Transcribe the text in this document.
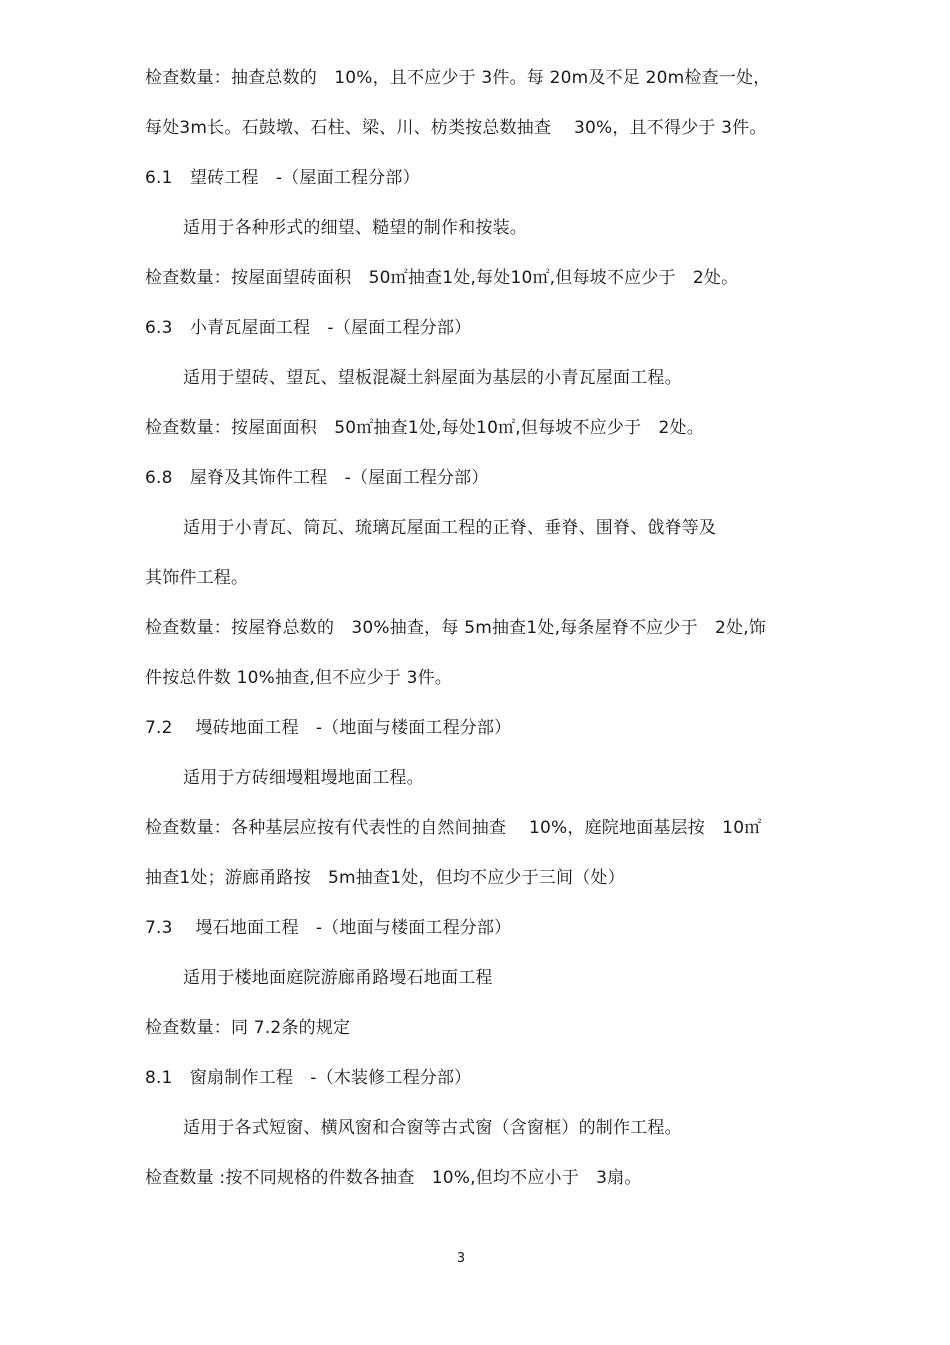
检查数量：抽查总数的　10%，且不应少于 3件。每 20m及不足 20m检查一处，
每处3m长。石鼓墩、石柱、梁、川、枋类按总数抽查　 30%，且不得少于 3件。
6.1　望砖工程　-（屋面工程分部）
适用于各种形式的细望、糙望的制作和按装。
检查数量：按屋面望砖面积　50㎡抽查1处,每处10㎡,但每坡不应少于　2处。
6.3　小青瓦屋面工程　-（屋面工程分部）
适用于望砖、望瓦、望板混凝土斜屋面为基层的小青瓦屋面工程。
检查数量：按屋面面积　50㎡抽查1处,每处10㎡,但每坡不应少于　2处。
6.8　屋脊及其饰件工程　-（屋面工程分部）
适用于小青瓦、筒瓦、琉璃瓦屋面工程的正脊、垂脊、围脊、戗脊等及
其饰件工程。
检查数量：按屋脊总数的　30%抽查，每 5m抽查1处,每条屋脊不应少于　2处,饰
件按总件数 10%抽查,但不应少于 3件。
7.2　 墁砖地面工程　-（地面与楼面工程分部）
适用于方砖细墁粗墁地面工程。
检查数量：各种基层应按有代表性的自然间抽查　 10%，庭院地面基层按　10㎡
抽查1处；游廊甬路按　5m抽查1处，但均不应少于三间（处）
7.3　 墁石地面工程　-（地面与楼面工程分部）
适用于楼地面庭院游廊甬路墁石地面工程
检查数量：同 7.2条的规定
8.1　窗扇制作工程　-（木装修工程分部）
适用于各式短窗、横风窗和合窗等古式窗（含窗框）的制作工程。
检查数量 :按不同规格的件数各抽查　10%,但均不应小于　3扇。
3
